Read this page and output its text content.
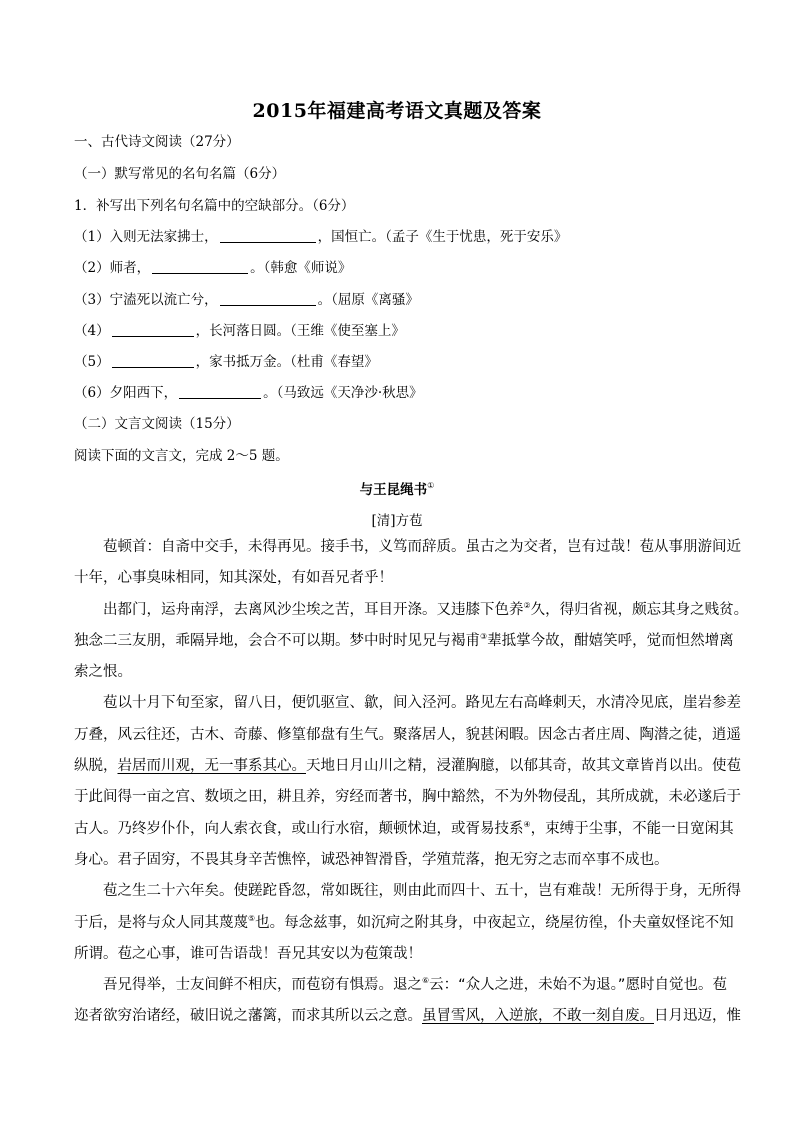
2015年福建高考语文真题及答案
一、古代诗文阅读（27分）
（一）默写常见的名句名篇（6分）
1．补写出下列名句名篇中的空缺部分。（6分）
（1）入则无法家拂士，	，国恒亡。（孟子《生于忧患，死于安乐》
（2）师者，	。（韩愈《师说》
（3）宁溘死以流亡兮，	。（屈原《离骚》
（4）	，长河落日圆。（王维《使至塞上》
（5）	，家书抵万金。（杜甫《春望》
（6）夕阳西下，	。（马致远《天净沙·秋思》
（二）文言文阅读（15分）
阅读下面的文言文，完成 2～5 题。
与王昆绳书①
[清]方苞
苞顿首：自斋中交手，未得再见。接手书，义笃而辞质。虽古之为交者，岂有过哉！苞从事朋游间近
十年，心事臭味相同，知其深处，有如吾兄者乎！
出都门，运舟南浮，去离风沙尘埃之苦，耳目开涤。又违膝下色养②久，得归省视，颇忘其身之贱贫。
独念二三友朋，乖隔异地，会合不可以期。梦中时时见兄与褐甫③辈抵掌今故，酣嬉笑呼，觉而怛然增离
索之恨。
苞以十月下旬至家，留八日，便饥驱宣、歙，间入泾河。路见左右高峰刺天，水清冷见底，崖岩参差
万叠，风云往还，古木、奇藤、修篁郁盘有生气。聚落居人，貌甚闲暇。因念古者庄周、陶潜之徒，逍遥
纵脱，岩居而川观，无一事系其心。天地日月山川之精，浸灌胸臆，以郁其奇，故其文章皆肖以出。使苞
于此间得一亩之宫、数顷之田，耕且养，穷经而著书，胸中豁然，不为外物侵乱，其所成就，未必遂后于
古人。乃终岁仆仆，向人索衣食，或山行水宿，颠顿怵迫，或胥易技系④，束缚于尘事，不能一日宽闲其
身心。君子固穷，不畏其身辛苦憔悴，诚恐神智滑昏，学殖荒落，抱无穷之志而卒事不成也。
苞之生二十六年矣。使蹉跎昏忽，常如既往，则由此而四十、五十，岂有难哉！无所得于身，无所得
于后，是将与众人同其蔑蔑⑤也。每念兹事，如沉疴之附其身，中夜起立，绕屋彷徨，仆夫童奴怪诧不知
所谓。苞之心事，谁可告语哉！吾兄其安以为苞策哉！
吾兄得举，士友间鲜不相庆，而苞窃有惧焉。退之⑥云：“众人之进，未始不为退。”愿时自觉也。苞
迩者欲穷治诸经，破旧说之藩篱，而求其所以云之意。虽冒雪风，入逆旅，不敢一刻自废。日月迅迈，惟
